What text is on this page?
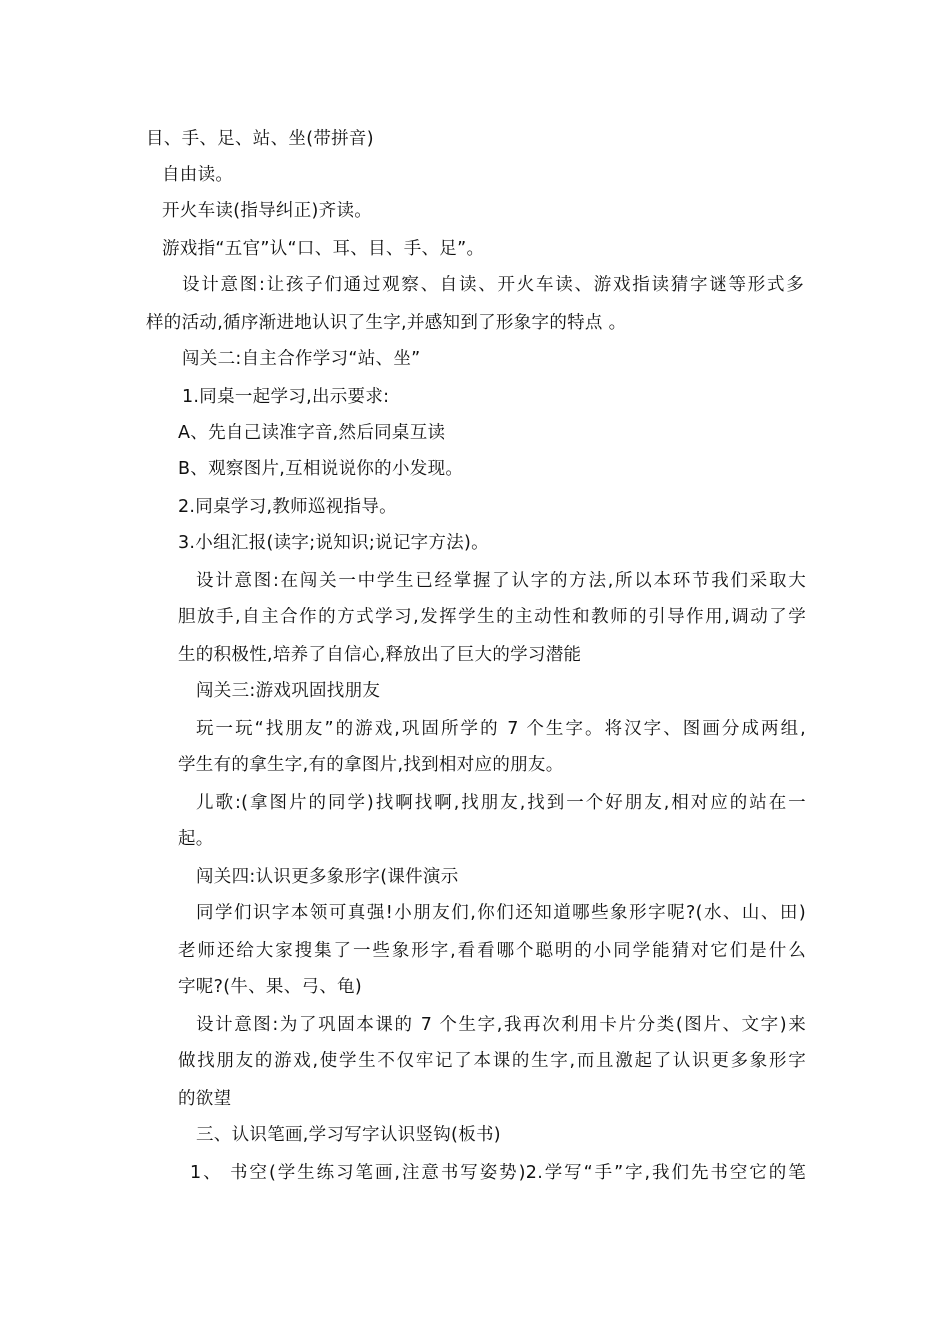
目、手、足、站、坐(带拼音)
自由读。
开火车读(指导纠正)齐读。
游戏指“五官”认“口、耳、目、手、足”。
设计意图:让孩子们通过观察、自读、开火车读、游戏指读猜字谜等形式多
样的活动,循序渐进地认识了生字,并感知到了形象字的特点 。
闯关二:自主合作学习“站、坐”
1.同桌一起学习,出示要求:
A、先自己读准字音,然后同桌互读
B、观察图片,互相说说你的小发现。
2.同桌学习,教师巡视指导。
3.小组汇报(读字;说知识;说记字方法)。
设计意图:在闯关一中学生已经掌握了认字的方法,所以本环节我们采取大
胆放手,自主合作的方式学习,发挥学生的主动性和教师的引导作用,调动了学
生的积极性,培养了自信心,释放出了巨大的学习潜能
闯关三:游戏巩固找朋友
玩一玩“找朋友”的游戏,巩固所学的 7 个生字。将汉字、图画分成两组,
学生有的拿生字,有的拿图片,找到相对应的朋友。
儿歌:(拿图片的同学)找啊找啊,找朋友,找到一个好朋友,相对应的站在一
起。
闯关四:认识更多象形字(课件演示
同学们识字本领可真强!小朋友们,你们还知道哪些象形字呢?(水、山、田)
老师还给大家搜集了一些象形字,看看哪个聪明的小同学能猜对它们是什么
字呢?(牛、果、弓、龟)
设计意图:为了巩固本课的 7 个生字,我再次利用卡片分类(图片、文字)来
做找朋友的游戏,使学生不仅牢记了本课的生字,而且激起了认识更多象形字
的欲望
三、认识笔画,学习写字认识竖钩(板书)
1、 书空(学生练习笔画,注意书写姿势)2.学写“手”字,我们先书空它的笔
